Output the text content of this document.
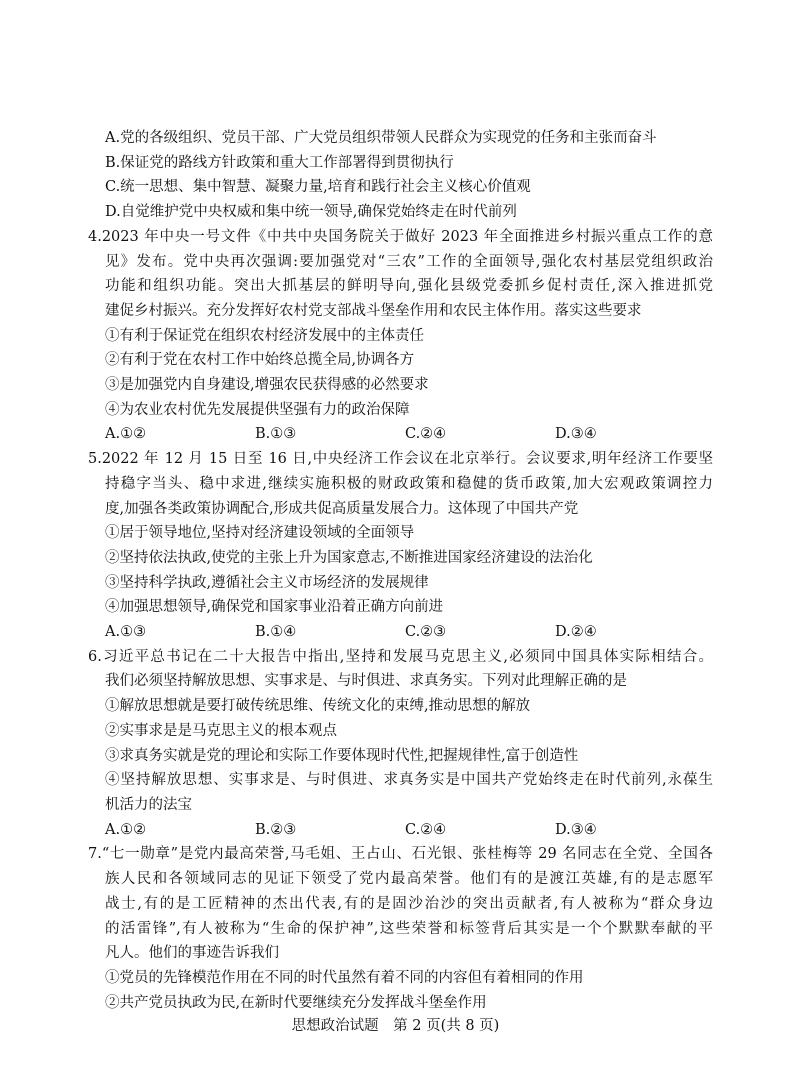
A.党的各级组织、党员干部、广大党员组织带领人民群众为实现党的任务和主张而奋斗
B.保证党的路线方针政策和重大工作部署得到贯彻执行
C.统一思想、集中智慧、凝聚力量,培育和践行社会主义核心价值观
D.自觉维护党中央权威和集中统一领导,确保党始终走在时代前列
4.2023 年中央一号文件《中共中央国务院关于做好 2023 年全面推进乡村振兴重点工作的意
见》发布。党中央再次强调:要加强党对“三农”工作的全面领导,强化农村基层党组织政治
功能和组织功能。突出大抓基层的鲜明导向,强化县级党委抓乡促村责任,深入推进抓党
建促乡村振兴。充分发挥好农村党支部战斗堡垒作用和农民主体作用。落实这些要求
①有利于保证党在组织农村经济发展中的主体责任
②有利于党在农村工作中始终总揽全局,协调各方
③是加强党内自身建设,增强农民获得感的必然要求
④为农业农村优先发展提供坚强有力的政治保障
A.①②	B.①③	C.②④	D.③④
5.2022 年 12 月 15 日至 16 日,中央经济工作会议在北京举行。会议要求,明年经济工作要坚
持稳字当头、稳中求进,继续实施积极的财政政策和稳健的货币政策,加大宏观政策调控力
度,加强各类政策协调配合,形成共促高质量发展合力。这体现了中国共产党
①居于领导地位,坚持对经济建设领域的全面领导
②坚持依法执政,使党的主张上升为国家意志,不断推进国家经济建设的法治化
③坚持科学执政,遵循社会主义市场经济的发展规律
④加强思想领导,确保党和国家事业沿着正确方向前进
A.①③	B.①④	C.②③	D.②④
6.习近平总书记在二十大报告中指出,坚持和发展马克思主义,必须同中国具体实际相结合。
我们必须坚持解放思想、实事求是、与时俱进、求真务实。下列对此理解正确的是
①解放思想就是要打破传统思维、传统文化的束缚,推动思想的解放
②实事求是是马克思主义的根本观点
③求真务实就是党的理论和实际工作要体现时代性,把握规律性,富于创造性
④坚持解放思想、实事求是、与时俱进、求真务实是中国共产党始终走在时代前列,永葆生
机活力的法宝
A.①②	B.②③	C.②④	D.③④
7.“七一勋章”是党内最高荣誉,马毛姐、王占山、石光银、张桂梅等 29 名同志在全党、全国各
族人民和各领域同志的见证下领受了党内最高荣誉。他们有的是渡江英雄,有的是志愿军
战士,有的是工匠精神的杰出代表,有的是固沙治沙的突出贡献者,有人被称为“群众身边
的活雷锋”,有人被称为“生命的保护神”,这些荣誉和标签背后其实是一个个默默奉献的平
凡人。他们的事迹告诉我们
①党员的先锋模范作用在不同的时代虽然有着不同的内容但有着相同的作用
②共产党员执政为民,在新时代要继续充分发挥战斗堡垒作用
思想政治试题　第 2 页(共 8 页)
